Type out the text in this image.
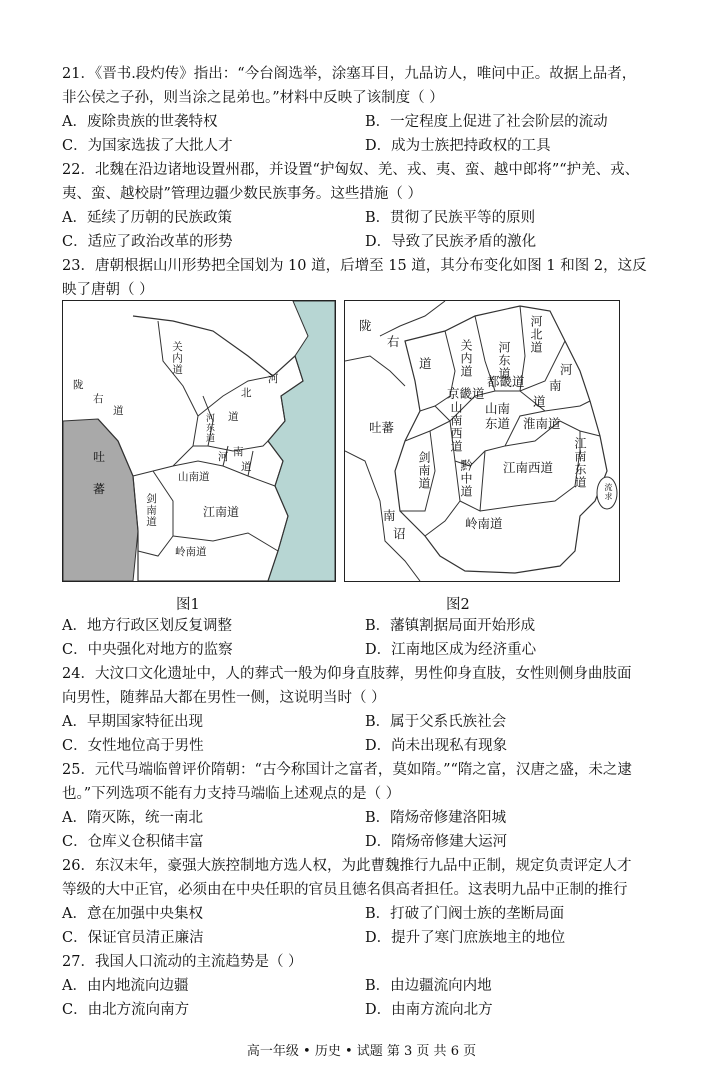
21．《晋书.段灼传》指出：“今台阁选举，涂塞耳目，九品访人，唯问中正。故据上品者，
非公侯之子孙，则当涂之昆弟也。”材料中反映了该制度（ ）
A．废除贵族的世袭特权	B．一定程度上促进了社会阶层的流动
C．为国家选拔了大批人才	D．成为士族把持政权的工具
22．北魏在沿边诸地设置州郡，并设置“护匈奴、羌、戎、夷、蛮、越中郎将”“护羌、戎、
夷、蛮、越校尉”管理边疆少数民族事务。这些措施（ ）
A．延续了历朝的民族政策	B．贯彻了民族平等的原则
C．适应了政治改革的形势	D．导致了民族矛盾的激化
23．唐朝根据山川形势把全国划为 10 道，后增至 15 道，其分布变化如图 1 和图 2，这反
映了唐朝（ ）
陇
右
道
关内道
河
北
道
河东道
河 南
道
山南道
吐
蕃
剑南道	江南道
岭南道
陇
右
道 关内道 河东道
河北道
河
南
道
京畿道
都畿道
山南西道 山南东道	淮南道
吐蕃
剑南道 黔中道 江南西道 江南东道
流求
南
诏
岭南道
图1	图2
A．地方行政区划反复调整	B．藩镇割据局面开始形成
C．中央强化对地方的监察	D．江南地区成为经济重心
24．大汶口文化遗址中，人的葬式一般为仰身直肢葬，男性仰身直肢，女性则侧身曲肢面
向男性，随葬品大都在男性一侧，这说明当时（ ）
A．早期国家特征出现	B．属于父系氏族社会
C．女性地位高于男性	D．尚未出现私有现象
25．元代马端临曾评价隋朝：“古今称国计之富者，莫如隋。”“隋之富，汉唐之盛，未之逮
也。”下列选项不能有力支持马端临上述观点的是（ ）
A．隋灭陈，统一南北	B．隋炀帝修建洛阳城
C．仓库义仓积储丰富	D．隋炀帝修建大运河
26．东汉末年，豪强大族控制地方选人权，为此曹魏推行九品中正制，规定负责评定人才
等级的大中正官，必须由在中央任职的官员且德名俱高者担任。这表明九品中正制的推行
A．意在加强中央集权	B．打破了门阀士族的垄断局面
C．保证官员清正廉洁	D．提升了寒门庶族地主的地位
27．我国人口流动的主流趋势是（ ）
A．由内地流向边疆	B．由边疆流向内地
C．由北方流向南方	D．由南方流向北方
高一年级 • 历史 • 试题 第 3 页 共 6 页
